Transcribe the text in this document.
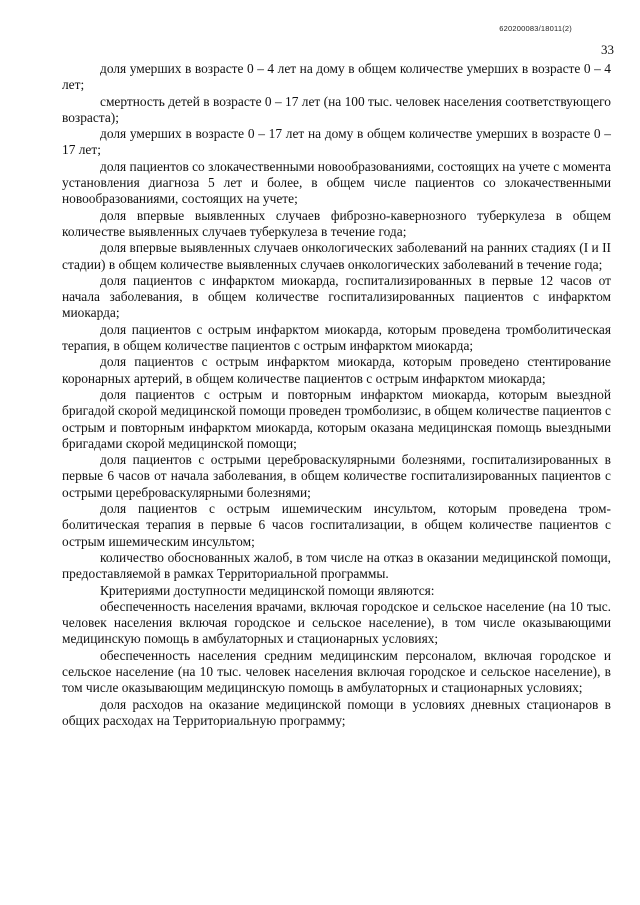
620200083/18011(2)
33

доля умерших в возрасте 0 – 4 лет на дому в общем количестве умерших в возрасте 0 – 4 лет;

смертность детей в возрасте 0 – 17 лет (на 100 тыс. человек населения соответствующего возраста);

доля умерших в возрасте 0 – 17 лет на дому в общем количестве умерших в возрасте 0 – 17 лет;

доля пациентов со злокачественными новообразованиями, состоящих на учете с момента установления диагноза 5 лет и более, в общем числе пациентов со злокачественными новообразованиями, состоящих на учете;

доля впервые выявленных случаев фиброзно-кавернозного туберкулеза в общем количестве выявленных случаев туберкулеза в течение года;

доля впервые выявленных случаев онкологических заболеваний на ранних стадиях (I и II стадии) в общем количестве выявленных случаев онкологических заболеваний в течение года;

доля пациентов с инфарктом миокарда, госпитализированных в первые 12 часов от начала заболевания, в общем количестве госпитализированных пациентов с инфарктом миокарда;

доля пациентов с острым инфарктом миокарда, которым проведена тромболитическая терапия, в общем количестве пациентов с острым инфарктом миокарда;

доля пациентов с острым инфарктом миокарда, которым проведено стентирование коронарных артерий, в общем количестве пациентов с острым инфарктом миокарда;

доля пациентов с острым и повторным инфарктом миокарда, которым выездной бригадой скорой медицинской помощи проведен тромболизис, в общем количестве пациентов с острым и повторным инфарктом миокарда, которым оказана медицинская помощь выездными бригадами скорой медицинской помощи;

доля пациентов с острыми цереброваскулярными болезнями, госпитализированных в первые 6 часов от начала заболевания, в общем количестве госпитализированных пациентов с острыми цереброваскулярными болезнями;

доля пациентов с острым ишемическим инсультом, которым проведена тромболитическая терапия в первые 6 часов госпитализации, в общем количестве пациентов с острым ишемическим инсультом;

количество обоснованных жалоб, в том числе на отказ в оказании медицинской помощи, предоставляемой в рамках Территориальной программы.

Критериями доступности медицинской помощи являются:

обеспеченность населения врачами, включая городское и сельское население (на 10 тыс. человек населения включая городское и сельское население), в том числе оказывающими медицинскую помощь в амбулаторных и стационарных условиях;

обеспеченность населения средним медицинским персоналом, включая городское и сельское население (на 10 тыс. человек населения включая городское и сельское население), в том числе оказывающим медицинскую помощь в амбулаторных и стационарных условиях;

доля расходов на оказание медицинской помощи в условиях дневных стационаров в общих расходах на Территориальную программу;
